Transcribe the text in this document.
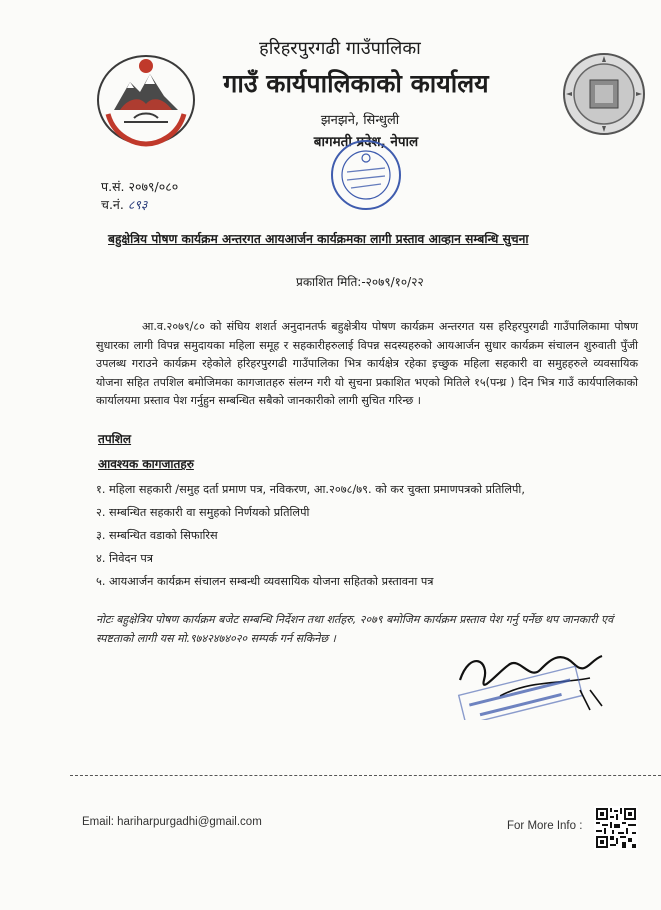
हरिहरपुरगढी गाउँपालिका
गाउँ कार्यपालिकाको कार्यालय
झनझने, सिन्धुली
बागमती प्रदेश, नेपाल
प.सं. २०७९/०८०
च.नं. ८९३
बहुक्षेत्रिय पोषण कार्यक्रम अन्तरगत आयआर्जन कार्यक्रमका लागी प्रस्ताव आव्हान सम्बन्धि सुचना
प्रकाशित मिति:-२०७९/१०/२२

आ.व.२०७९/८० को संघिय शशर्त अनुदानतर्फ बहुक्षेत्रीय पोषण कार्यक्रम अन्तरगत यस हरिहरपुरगढी गाउँपालिकामा पोषण सुधारका लागी विपन्न समुदायका महिला समूह र सहकारीहरुलाई विपन्न सदस्यहरुको आयआर्जन सुधार कार्यक्रम संचालन शुरुवाती पुँजी उपलब्ध गराउने कार्यक्रम रहेकोले हरिहरपुरगढी गाउँपालिका भित्र कार्यक्षेत्र रहेका इच्छुक महिला सहकारी वा समुहहरुले व्यवसायिक योजना सहित तपशिल बमोजिमका कागजातहरु संलग्न गरी यो सुचना प्रकाशित भएको मितिले १५(पन्ध्र ) दिन भित्र गाउँ कार्यपालिकाको कार्यालयमा प्रस्ताव पेश गर्नुहुन सम्बन्धित सबैको जानकारीको लागी सुचित गरिन्छ ।

तपशिल
आवश्यक कागजातहरु
१. महिला सहकारी /समुह दर्ता प्रमाण पत्र, नविकरण, आ.२०७८/७९. को कर चुक्ता प्रमाणपत्रको प्रतिलिपी,
२. सम्बन्धित सहकारी वा समुहको निर्णयको प्रतिलिपी
३. सम्बन्धित वडाको सिफारिस
४. निवेदन पत्र
५. आयआर्जन कार्यक्रम संचालन सम्बन्धी व्यवसायिक योजना सहितको प्रस्तावना पत्र

नोटः बहुक्षेत्रिय पोषण कार्यक्रम बजेट सम्बन्धि निर्देशन तथा शर्तहरु, २०७९ बमोजिम कार्यक्रम प्रस्ताव पेश गर्नु पर्नेछ थप जानकारी एवं स्पष्टताको लागी यस मो.९७४२४७४०२० सम्पर्क गर्न सकिनेछ ।

Email: hariharpurgadhi@gmail.com	For More Info :
